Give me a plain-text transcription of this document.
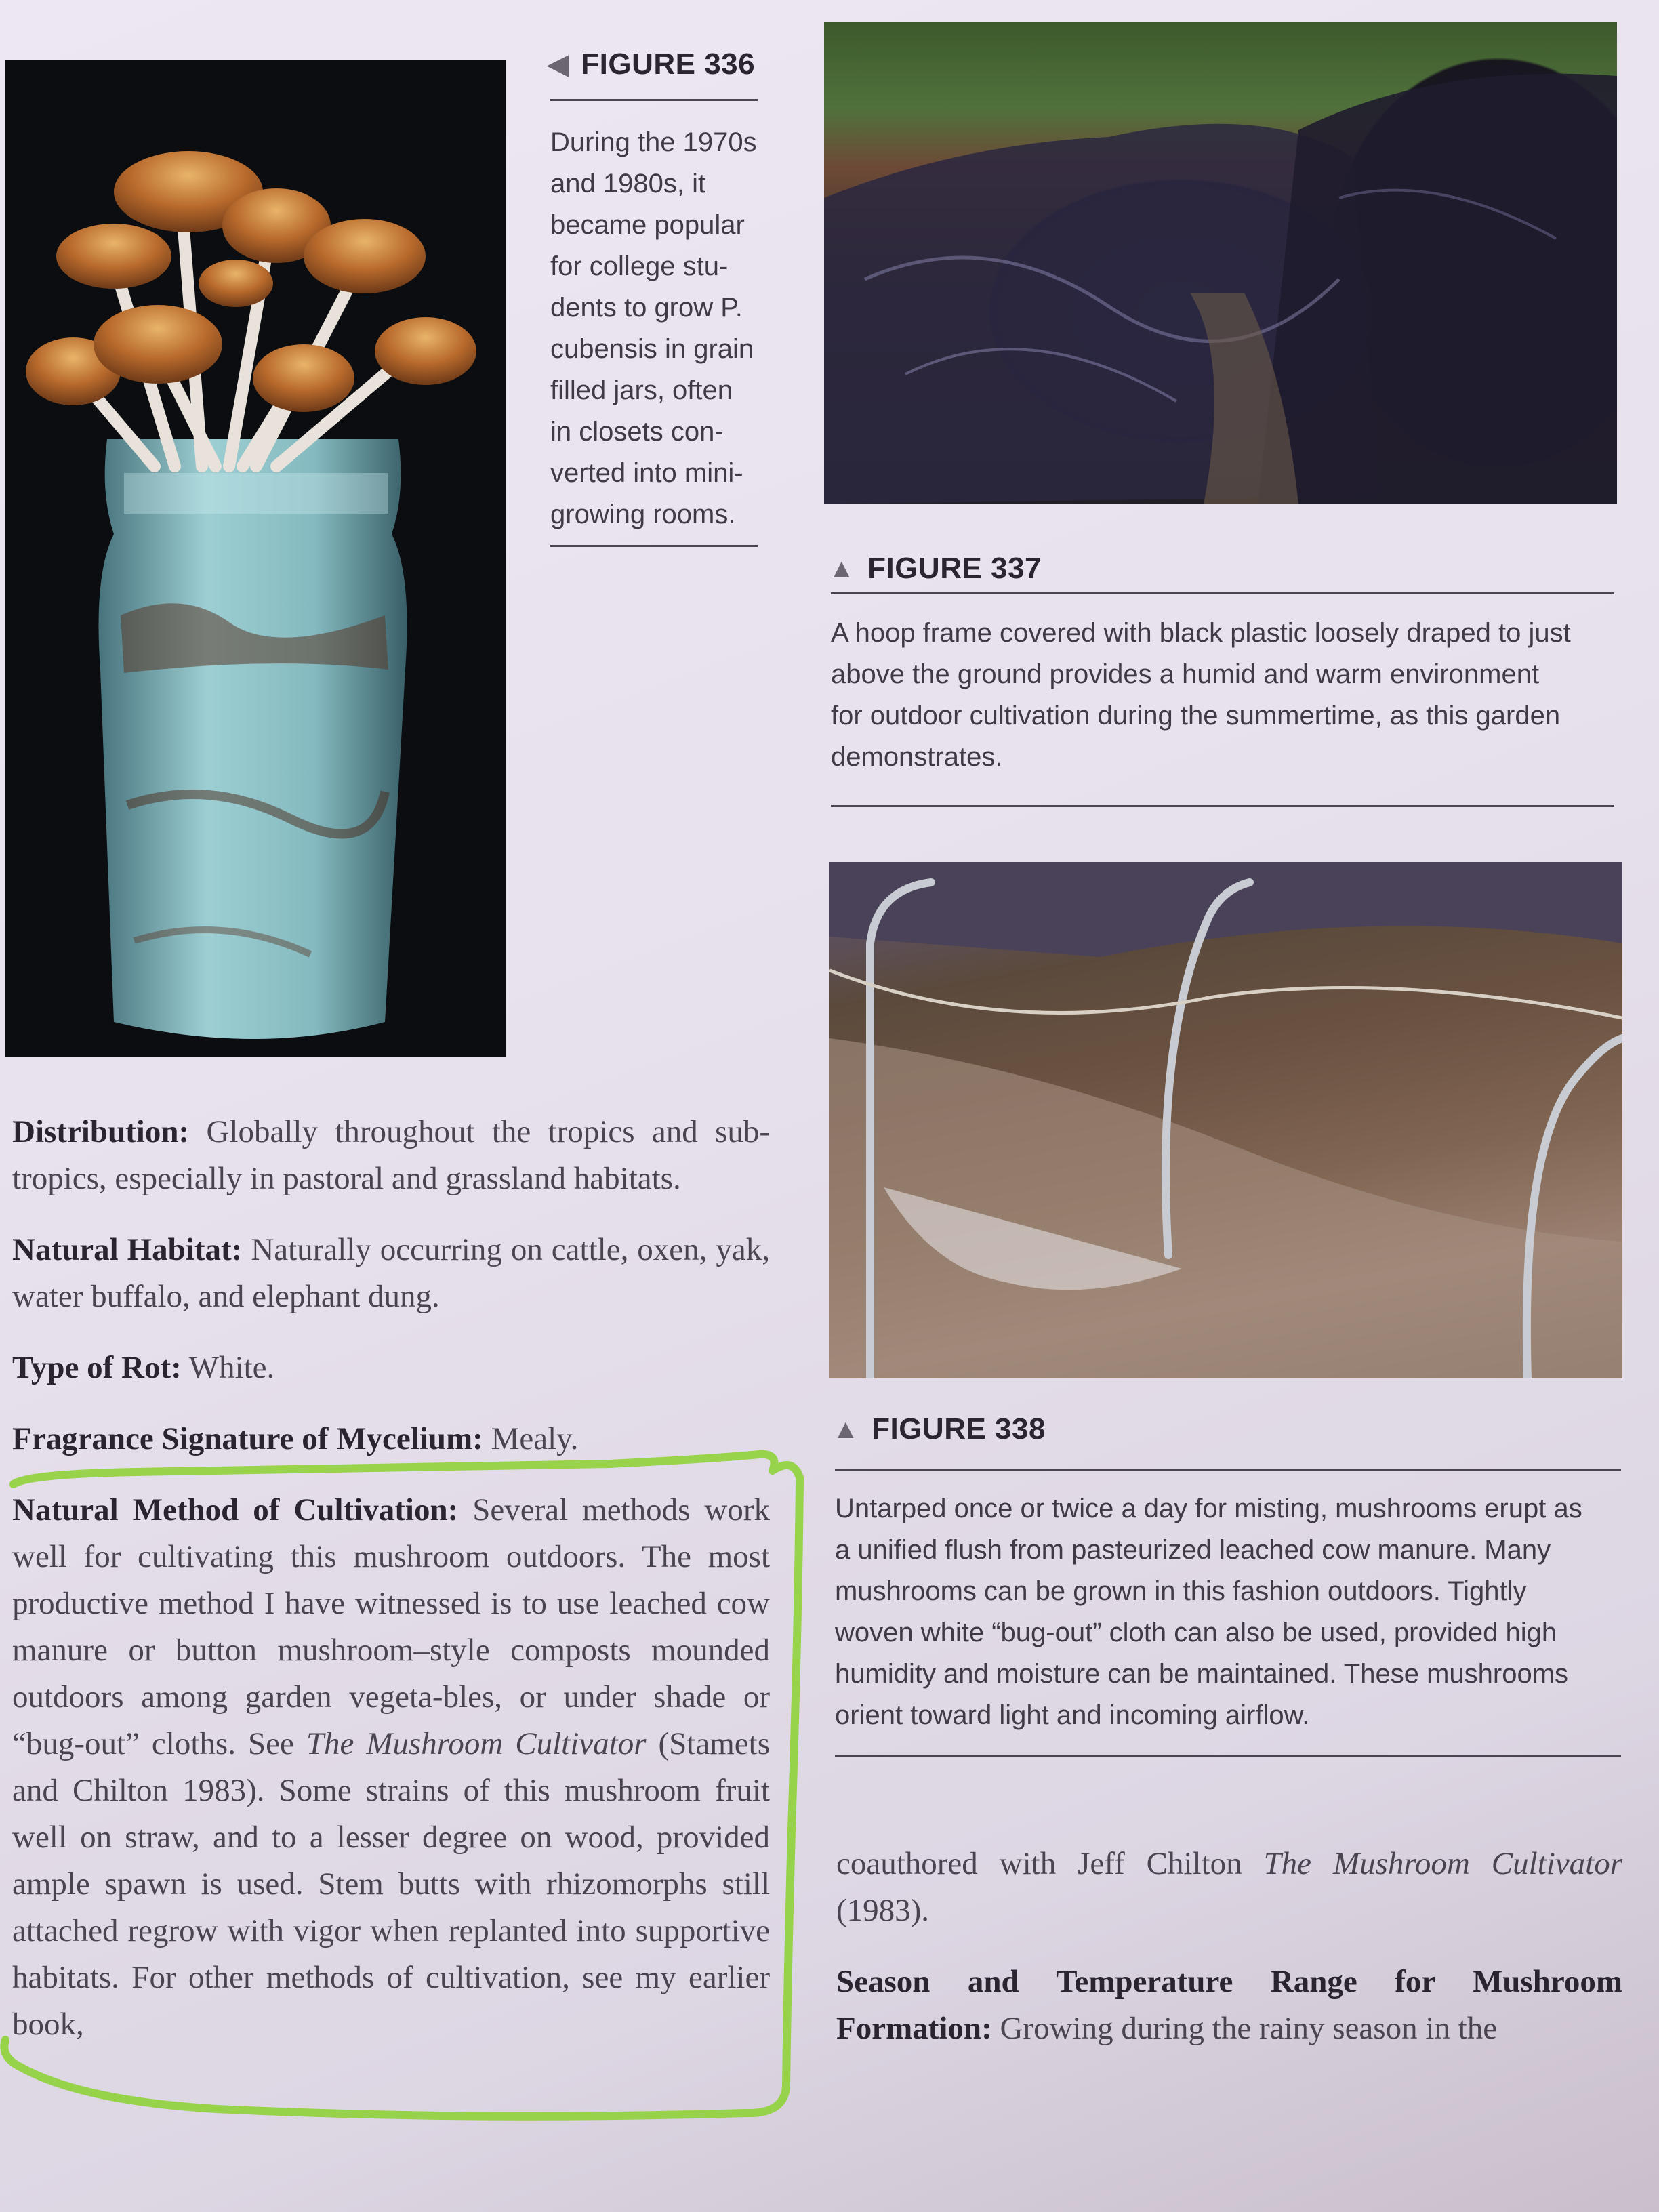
◀ FIGURE 336

During the 1970s
and 1980s, it
became popular
for college stu-
dents to grow P.
cubensis in grain
filled jars, often
in closets con-
verted into mini-
growing rooms.

▲ FIGURE 337

A hoop frame covered with black plastic loosely draped to just
above the ground provides a humid and warm environment
for outdoor cultivation during the summertime, as this garden
demonstrates.

▲ FIGURE 338

Untarped once or twice a day for misting, mushrooms erupt as
a unified flush from pasteurized leached cow manure. Many
mushrooms can be grown in this fashion outdoors. Tightly
woven white “bug-out” cloth can also be used, provided high
humidity and moisture can be maintained. These mushrooms
orient toward light and incoming airflow.

Distribution: Globally throughout the tropics and sub-tropics, especially in pastoral and grassland habitats.

Natural Habitat: Naturally occurring on cattle, oxen, yak, water buffalo, and elephant dung.

Type of Rot: White.

Fragrance Signature of Mycelium: Mealy.

Natural Method of Cultivation: Several methods work well for cultivating this mushroom outdoors. The most productive method I have witnessed is to use leached cow manure or button mushroom–style composts mounded outdoors among garden vegeta-bles, or under shade or “bug-out” cloths. See The Mushroom Cultivator (Stamets and Chilton 1983). Some strains of this mushroom fruit well on straw, and to a lesser degree on wood, provided ample spawn is used. Stem butts with rhizomorphs still attached regrow with vigor when replanted into supportive habitats. For other methods of cultivation, see my earlier book,

coauthored with Jeff Chilton The Mushroom Cultivator (1983).

Season and Temperature Range for Mushroom Formation: Growing during the rainy season in the
